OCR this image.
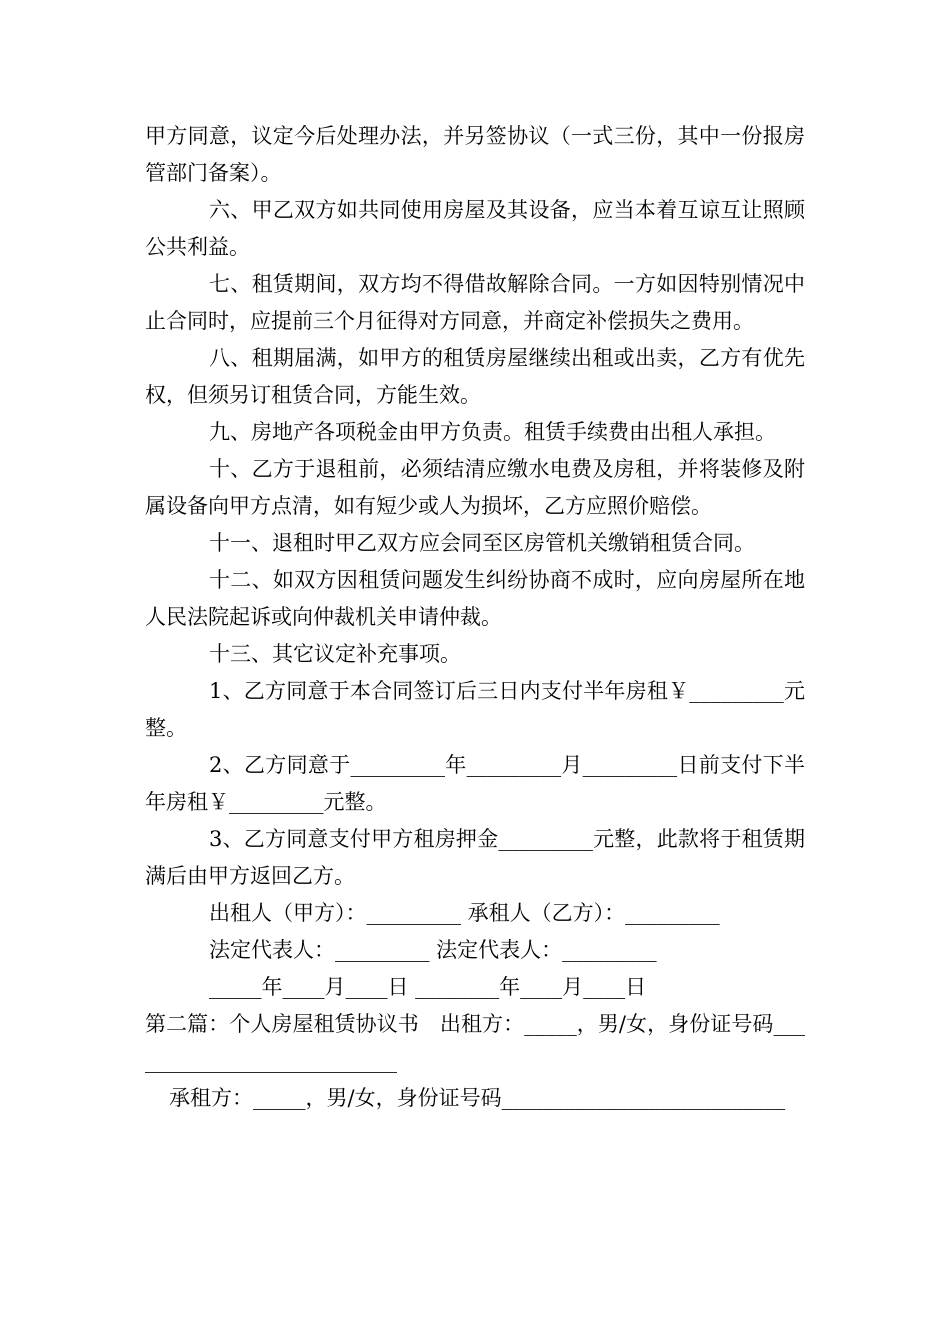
甲方同意，议定今后处理办法，并另签协议（一式三份，其中一份报房管部门备案）。

六、甲乙双方如共同使用房屋及其设备，应当本着互谅互让照顾公共利益。

七、租赁期间，双方均不得借故解除合同。一方如因特别情况中止合同时，应提前三个月征得对方同意，并商定补偿损失之费用。

八、租期届满，如甲方的租赁房屋继续出租或出卖，乙方有优先权，但须另订租赁合同，方能生效。

九、房地产各项税金由甲方负责。租赁手续费由出租人承担。

十、乙方于退租前，必须结清应缴水电费及房租，并将装修及附属设备向甲方点清，如有短少或人为损坏，乙方应照价赔偿。

十一、退租时甲乙双方应会同至区房管机关缴销租赁合同。

十二、如双方因租赁问题发生纠纷协商不成时，应向房屋所在地人民法院起诉或向仲裁机关申请仲裁。

十三、其它议定补充事项。

1、乙方同意于本合同签订后三日内支付半年房租￥_________元整。

2、乙方同意于_________年_________月_________日前支付下半年房租￥_________元整。

3、乙方同意支付甲方租房押金_________元整，此款将于租赁期满后由甲方返回乙方。

出租人（甲方）：_________ 承租人（乙方）：_________

法定代表人：_________ 法定代表人：_________

_____年____月____日 ________年____月____日

第二篇：个人房屋租赁协议书　出租方：_____，男/女，身份证号码___________________________

承租方：_____，男/女，身份证号码___________________________
